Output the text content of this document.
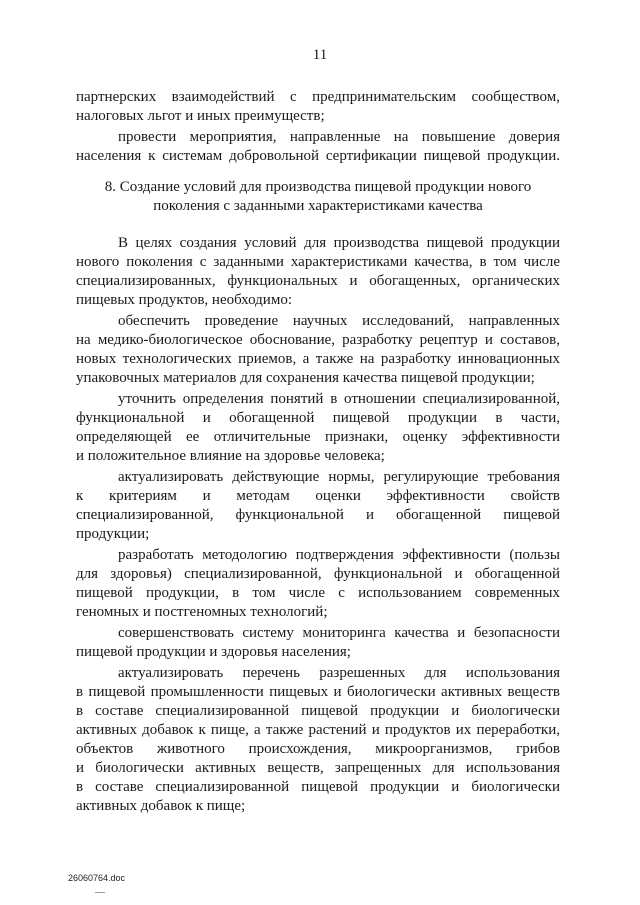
11
партнерских взаимодействий с предпринимательским сообществом,
налоговых льгот и иных преимуществ;
провести мероприятия, направленные на повышение доверия
населения к системам добровольной сертификации пищевой продукции.
8. Создание условий для производства пищевой продукции нового
поколения с заданными характеристиками качества
В целях создания условий для производства пищевой продукции
нового поколения с заданными характеристиками качества, в том числе
специализированных, функциональных и обогащенных, органических
пищевых продуктов, необходимо:
обеспечить проведение научных исследований, направленных
на медико-биологическое обоснование, разработку рецептур и составов,
новых технологических приемов, а также на разработку инновационных
упаковочных материалов для сохранения качества пищевой продукции;
уточнить определения понятий в отношении специализированной,
функциональной и обогащенной пищевой продукции в части,
определяющей ее отличительные признаки, оценку эффективности
и положительное влияние на здоровье человека;
актуализировать действующие нормы, регулирующие требования
к критериям и методам оценки эффективности свойств
специализированной, функциональной и обогащенной пищевой
продукции;
разработать методологию подтверждения эффективности (пользы
для здоровья) специализированной, функциональной и обогащенной
пищевой продукции, в том числе с использованием современных
геномных и постгеномных технологий;
совершенствовать систему мониторинга качества и безопасности
пищевой продукции и здоровья населения;
актуализировать перечень разрешенных для использования
в пищевой промышленности пищевых и биологически активных веществ
в составе специализированной пищевой продукции и биологически
активных добавок к пище, а также растений и продуктов их переработки,
объектов животного происхождения, микроорганизмов, грибов
и биологически активных веществ, запрещенных для использования
в составе специализированной пищевой продукции и биологически
активных добавок к пище;
26060764.doc
